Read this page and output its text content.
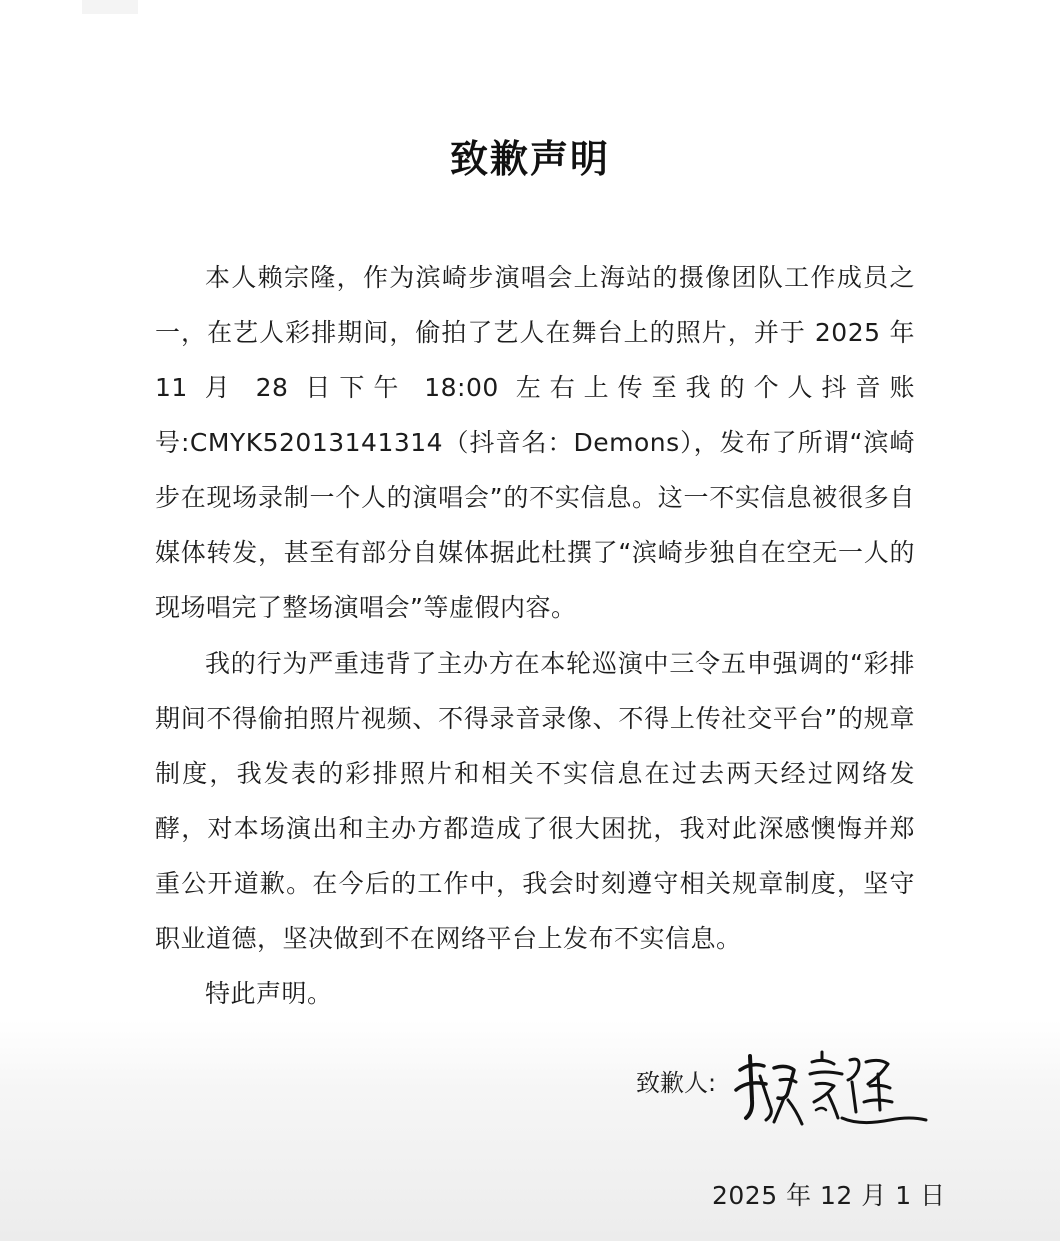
致歉声明

本人赖宗隆，作为滨崎步演唱会上海站的摄像团队工作成员之一，在艺人彩排期间，偷拍了艺人在舞台上的照片，并于 2025 年 11 月 28 日下午 18:00 左右上传至我的个人抖音账号:CMYK52013141314（抖音名：Demons），发布了所谓“滨崎步在现场录制一个人的演唱会”的不实信息。这一不实信息被很多自媒体转发，甚至有部分自媒体据此杜撰了“滨崎步独自在空无一人的现场唱完了整场演唱会”等虚假内容。

我的行为严重违背了主办方在本轮巡演中三令五申强调的“彩排期间不得偷拍照片视频、不得录音录像、不得上传社交平台”的规章制度，我发表的彩排照片和相关不实信息在过去两天经过网络发酵，对本场演出和主办方都造成了很大困扰，我对此深感懊悔并郑重公开道歉。在今后的工作中，我会时刻遵守相关规章制度，坚守职业道德，坚决做到不在网络平台上发布不实信息。

特此声明。

致歉人:
2025 年 12 月 1 日
